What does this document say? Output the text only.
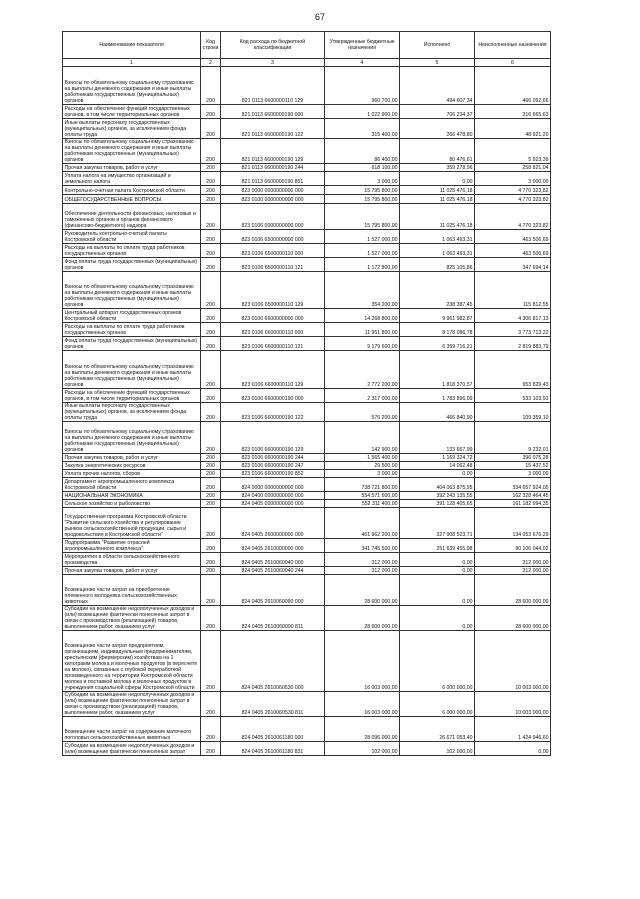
67
Наименование показателя	Код строки	Код расхода по бюджетной классификации	Утвержденные бюджетные назначения	Исполнено	Неисполненные назначения
1	2	3	4	5	6
Взносы по обязательному социальному страхованию на выплаты денежного содержания и иные выплаты работникам государственных (муниципальных) органов	200	821 0113 6600000110 129	960 700,00	494 607,34	466 092,66
Расходы на обеспечение функций государственных органов, в том числе территориальных органов	200	821 0113 6600000190 000	1 022 900,00	706 234,37	316 665,63
Иные выплаты персоналу государственных (муниципальных) органов, за исключением фонда оплаты труда	200	821 0113 6600000190 122	315 400,00	266 478,80	48 921,20
Взносы по обязательному социальному страхованию на выплаты денежного содержания и иные выплаты работникам государственных (муниципальных) органов	200	821 0113 6600000190 129	86 400,00	80 476,61	5 923,39
Прочая закупка товаров, работ и услуг	200	821 0113 6600000190 244	618 100,00	359 278,96	258 821,04
Уплата налога на имущество организаций и земельного налога	200	821 0113 6600000190 851	3 000,00	0,00	3 000,00
Контрольно-счетная палата Костромской области	200	823 0000 0000000000 000	15 795 800,00	11 025 476,18	4 770 323,82
ОБЩЕГОСУДАРСТВЕННЫЕ ВОПРОСЫ	200	823 0100 0000000000 000	15 795 800,00	11 025 476,18	4 770 323,82
Обеспечение деятельности финансовых, налоговых и таможенных органов и органов финансового (финансово-бюджетного) надзора	200	823 0106 0000000000 000	15 795 800,00	11 025 476,18	4 770 323,82
Руководитель контрольно-счетной палаты Костромской области	200	823 0106 6500000000 000	1 527 000,00	1 063 493,31	463 506,69
Расходы на выплаты по оплате труда работников государственных органов	200	823 0106 6500000110 000	1 527 000,00	1 063 493,31	463 506,69
Фонд оплаты труда государственных (муниципальных) органов	200	823 0106 6500000110 121	1 172 800,00	825 105,86	347 694,14
Взносы по обязательному социальному страхованию на выплаты денежного содержания и иные выплаты работникам государственных (муниципальных) органов	200	823 0106 6500000110 129	354 200,00	238 387,45	115 812,55
Центральный аппарат государственных органов Костромской области	200	823 0106 6600000000 000	14 268 800,00	9 961 982,87	4 306 817,13
Расходы на выплаты по оплате труда работников государственных органов	200	823 0106 6600000110 000	11 951 800,00	8 178 086,78	3 773 713,22
Фонд оплаты труда государственных (муниципальных) органов	200	823 0106 6600000110 121	9 179 600,00	6 359 716,21	2 819 883,79
Взносы по обязательному социальному страхованию на выплаты денежного содержания и иные выплаты работникам государственных (муниципальных) органов	200	823 0106 6600000110 129	2 772 200,00	1 818 370,57	953 829,43
Расходы на обеспечение функций государственных органов, в том числе территориальных органов	200	823 0106 6600000190 000	2 317 000,00	1 783 896,09	533 103,91
Иные выплаты персоналу государственных (муниципальных) органов, за исключением фонда оплаты труда	200	823 0106 6600000190 122	576 200,00	466 840,90	109 359,10
Взносы по обязательному социальному страхованию на выплаты денежного содержания и иные выплаты работникам государственных (муниципальных) органов	200	823 0106 6600000190 129	142 900,00	133 667,99	9 232,01
Прочая закупка товаров, работ и услуг	200	823 0106 6600000190 244	1 565 400,00	1 169 324,72	396 075,28
Закупка энергетических ресурсов	200	823 0106 6600000190 247	29 500,00	14 062,48	15 437,52
Уплата прочих налогов, сборов	200	823 0106 6600000190 852	3 000,00	0,00	3 000,00
Департамент агропромышленного комплекса Костромской области	200	824 0000 0000000000 000	738 721 800,00	404 063 875,95	334 657 924,05
НАЦИОНАЛЬНАЯ ЭКОНОМИКА	200	824 0400 0000000000 000	554 571 600,00	392 243 135,55	162 328 464,45
Сельское хозяйство и рыболовство	200	824 0405 0000000000 000	552 311 400,00	391 128 405,65	161 182 994,35
Государственная программа Костромской области "Развитие сельского хозяйства и регулирование рынков сельскохозяйственной продукции, сырья и продовольствия в Костромской области"	200	824 0405 2600000000 000	461 962 200,00	327 908 523,71	134 053 676,29
Подпрограмма "Развитие отраслей агропромышленного комплекса"	200	824 0405 2610000000 000	341 745 500,00	251 639 455,98	90 106 044,02
Мероприятия в области сельскохозяйственного производства	200	824 0405 2610060040 000	312 000,00	0,00	312 000,00
Прочая закупка товаров, работ и услуг	200	824 0405 2610060040 244	312 000,00	0,00	312 000,00
Возмещение части затрат на приобретение племенного молодняка сельскохозяйственных животных	200	824 0405 2610060090 000	28 600 000,00	0,00	28 600 000,00
Субсидии на возмещение недополученных доходов и (или) возмещение фактически понесенных затрат в связи с производством (реализацией) товаров, выполнением работ, оказанием услуг	200	824 0405 2610060090 811	28 600 000,00	0,00	28 600 000,00
Возмещение части затрат предприятиям, организациям, индивидуальным предпринимателям, крестьянским (фермерским) хозяйствам на 1 килограмм молока и молочных продуктов (в пересчете на молоко), связанных с глубокой переработкой произведенного на территории Костромской области молока и поставкой молока и молочных продуктов в учреждения социальной сферы Костромской области	200	824 0405 2610060530 000	16 003 000,00	6 000 000,00	10 003 000,00
Субсидии на возмещение недополученных доходов и (или) возмещение фактически понесенных затрат в связи с производством (реализацией) товаров, выполнением работ, оказанием услуг	200	824 0405 2610060530 811	16 003 000,00	6 000 000,00	10 003 000,00
Возмещение части затрат на содержание маточного поголовья сельскохозяйственных животных	200	824 0405 2610061180 000	28 096 000,00	26 671 053,40	1 424 946,60
Субсидии на возмещение недополученных доходов и (или) возмещение фактически понесенных затрат	200	824 0405 2610061180 831	102 000,00	102 000,00	0,00
